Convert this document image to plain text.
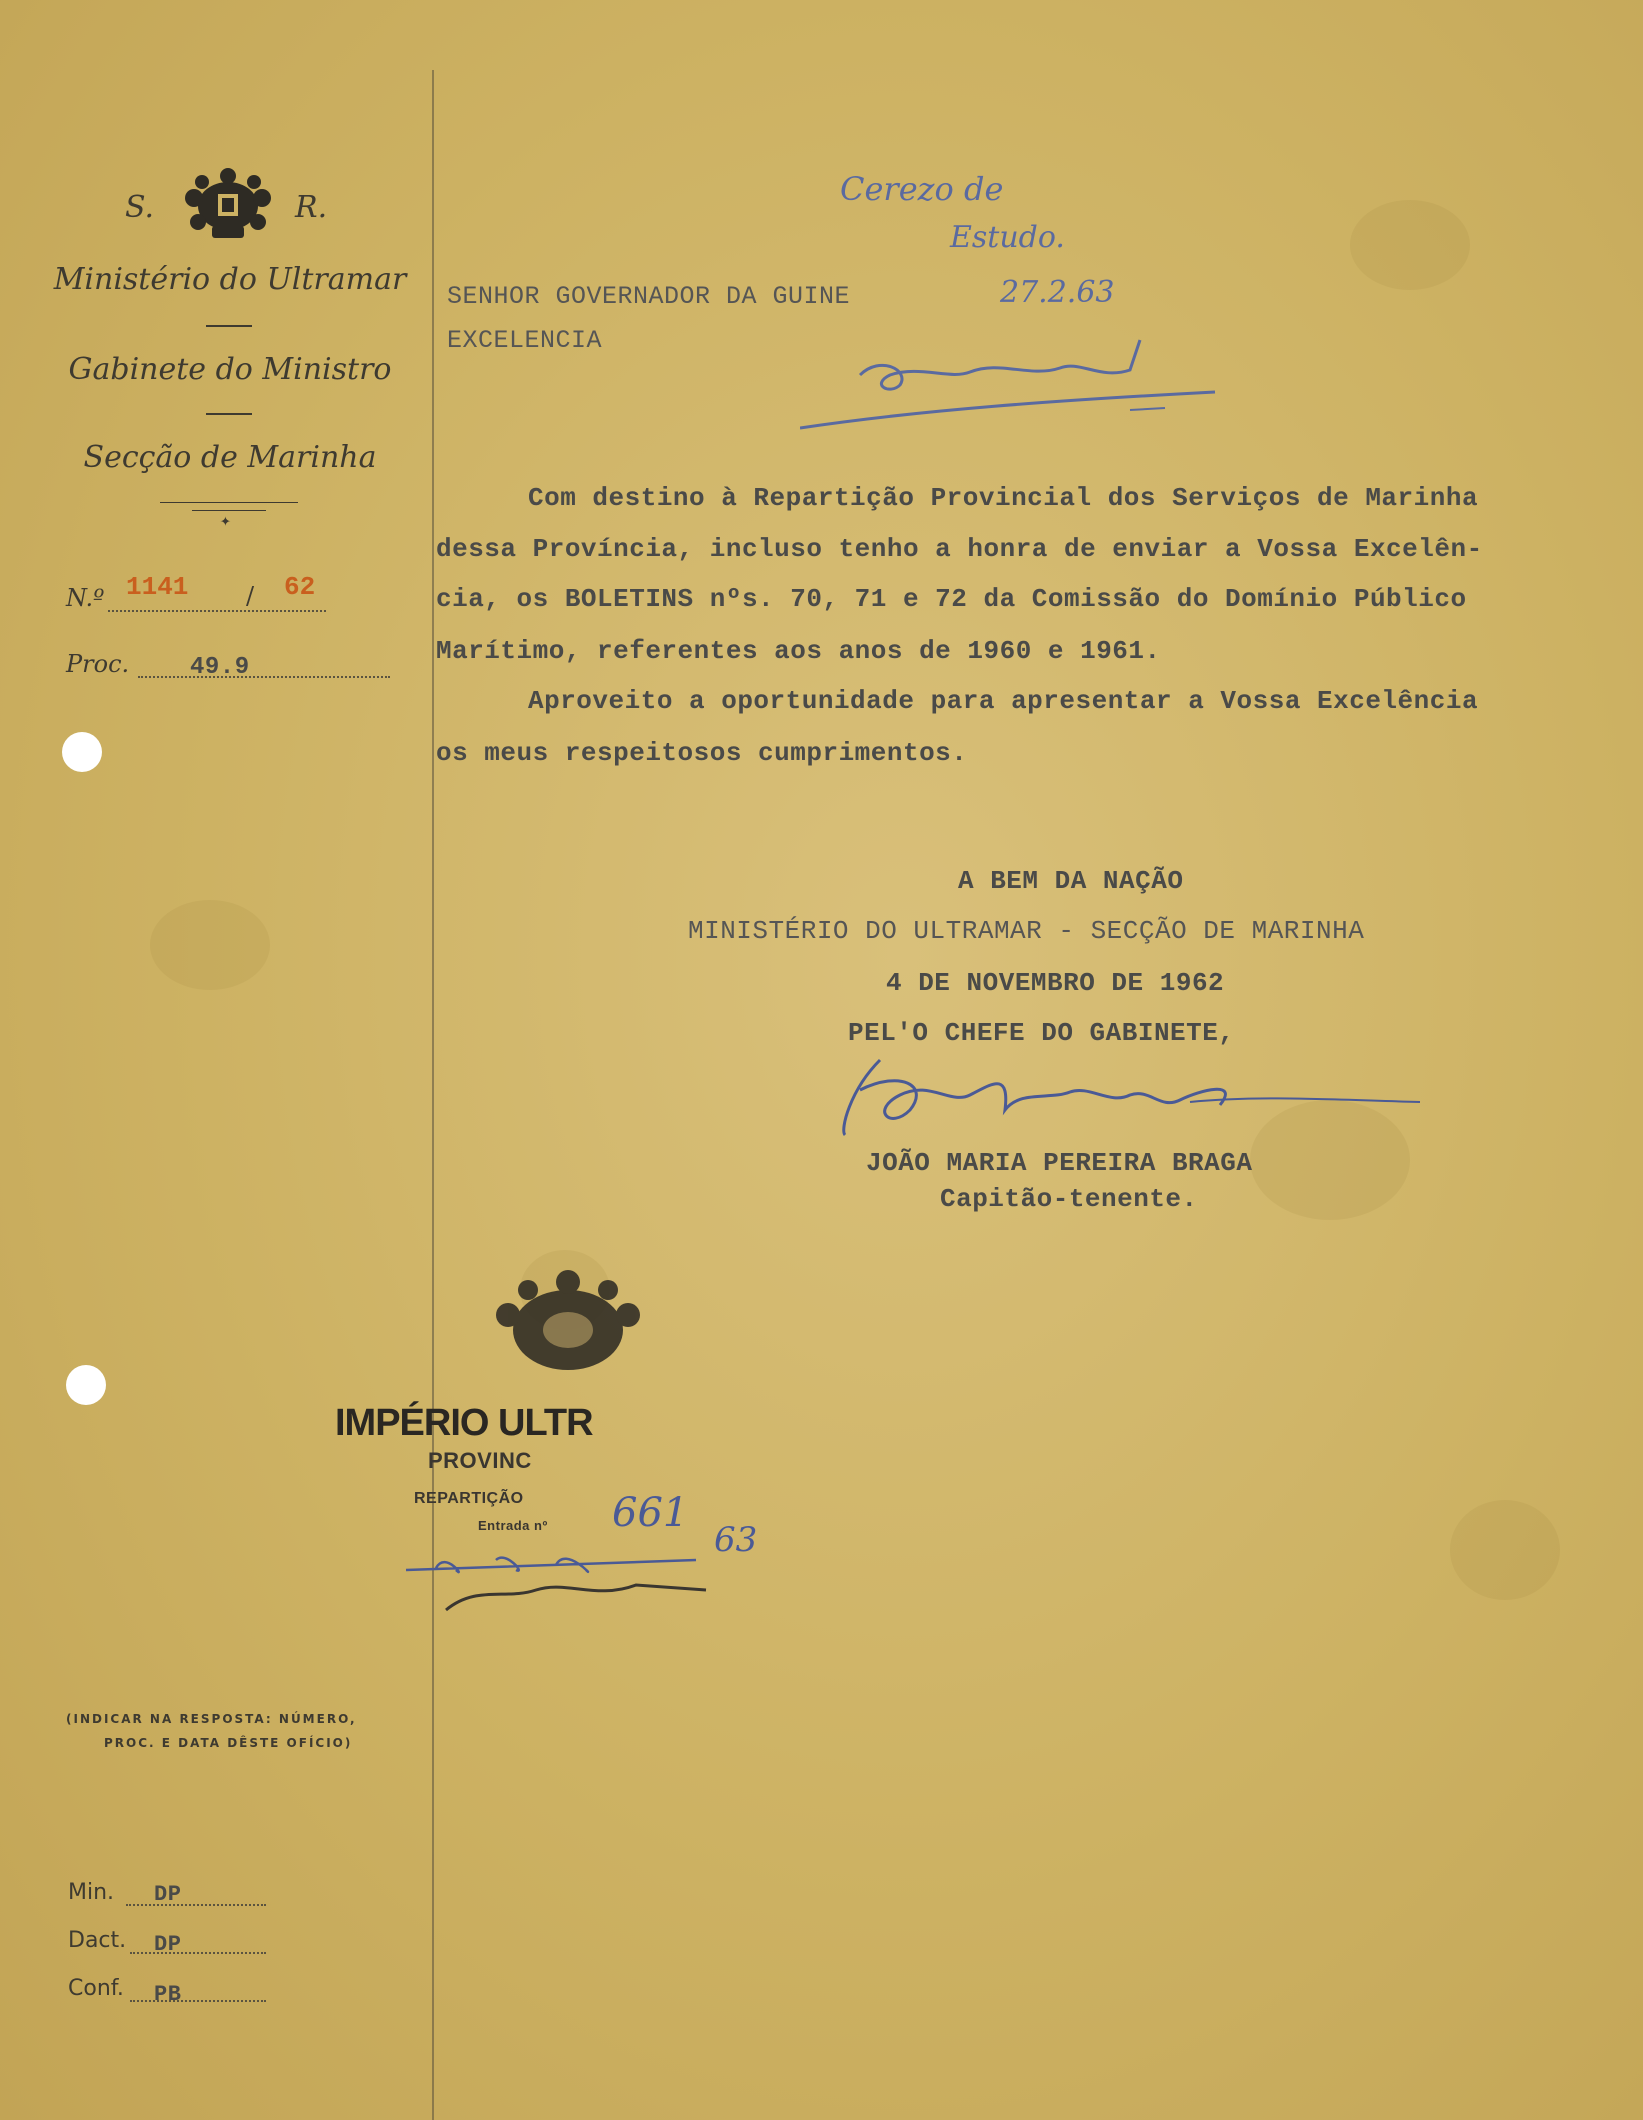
S.	R.
Ministério do Ultramar
Gabinete do Ministro
Secção de Marinha
✦
N.º 1141 / 62
Proc.	49.9
Cerezo de
Estudo.
27.2.63
SENHOR GOVERNADOR DA GUINE
EXCELENCIA
Com destino à Repartição Provincial dos Serviços de Marinha
dessa Província, incluso tenho a honra de enviar a Vossa Excelên-
cia, os BOLETINS nºs. 70, 71 e 72 da Comissão do Domínio Público
Marítimo, referentes aos anos de 1960 e 1961.
Aproveito a oportunidade para apresentar a Vossa Excelência
os meus respeitosos cumprimentos.
A BEM DA NAÇÃO
MINISTÉRIO DO ULTRAMAR - SECÇÃO DE MARINHA
4 DE NOVEMBRO DE 1962
PEL'O CHEFE DO GABINETE,
JOÃO MARIA PEREIRA BRAGA
Capitão-tenente.
IMPÉRIO ULTR
PROVINC
REPARTIÇÃO
Entrada nº 661
63
(INDICAR NA RESPOSTA: NÚMERO,
PROC. E DATA DÊSTE OFÍCIO)
Min. DP
Dact. DP
Conf. PB
